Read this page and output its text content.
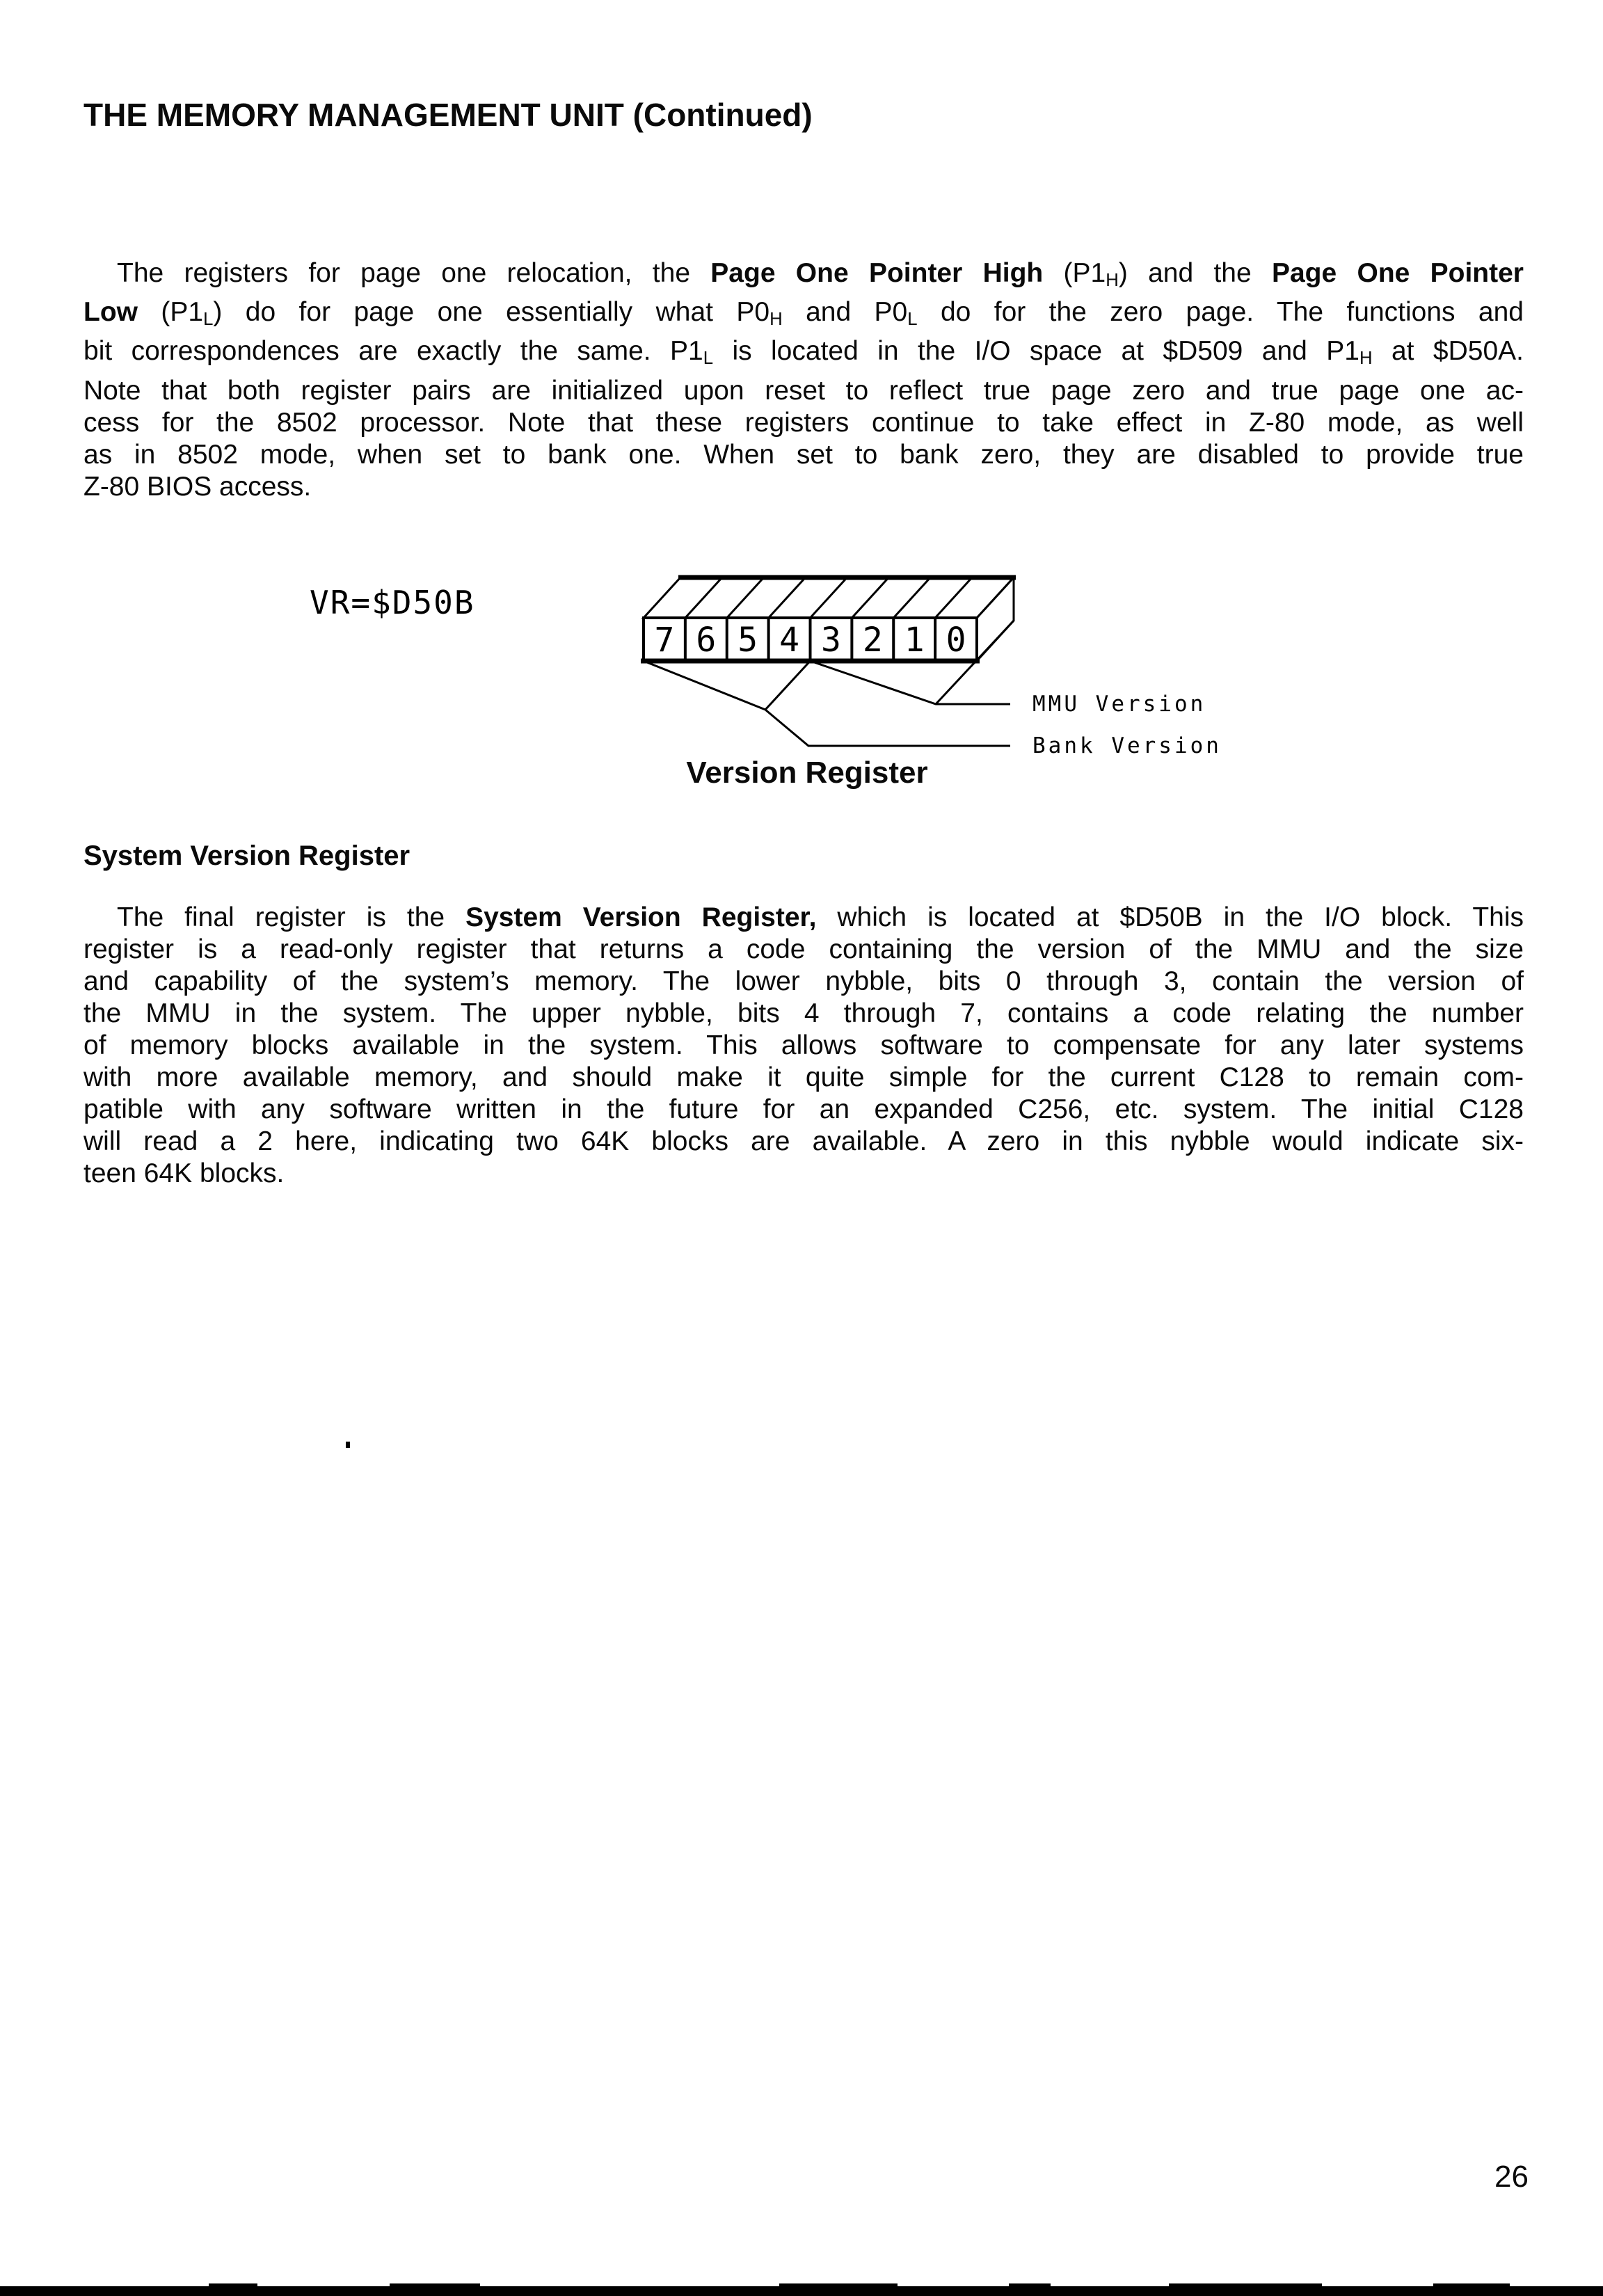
THE MEMORY MANAGEMENT UNIT (Continued)
The registers for page one relocation, the Page One Pointer High $(P1_H)$ and the Page One Pointer
Low $(P1_L)$ do for page one essentially what $P0_H$ and $P0_L$ do for the zero page. The functions and
bit correspondences are exactly the same. $P1_L$ is located in the I/O space at $D509 and $P1_H$ at $D50A.
Note that both register pairs are initialized upon reset to reflect true page zero and true page one ac-
cess for the 8502 processor. Note that these registers continue to take effect in Z-80 mode, as well
as in 8502 mode, when set to bank one. When set to bank zero, they are disabled to provide true
Z-80 BIOS access.
VR=$D50B
7 6 5 4 3 2 1 0
MMU Version
Bank Version
Version Register
System Version Register
The final register is the System Version Register, which is located at $D50B in the I/O block. This
register is a read-only register that returns a code containing the version of the MMU and the size
and capability of the system’s memory. The lower nybble, bits 0 through 3, contain the version of
the MMU in the system. The upper nybble, bits 4 through 7, contains a code relating the number
of memory blocks available in the system. This allows software to compensate for any later systems
with more available memory, and should make it quite simple for the current C128 to remain com-
patible with any software written in the future for an expanded C256, etc. system. The initial C128
will read a 2 here, indicating two 64K blocks are available. A zero in this nybble would indicate six-
teen 64K blocks.
26
